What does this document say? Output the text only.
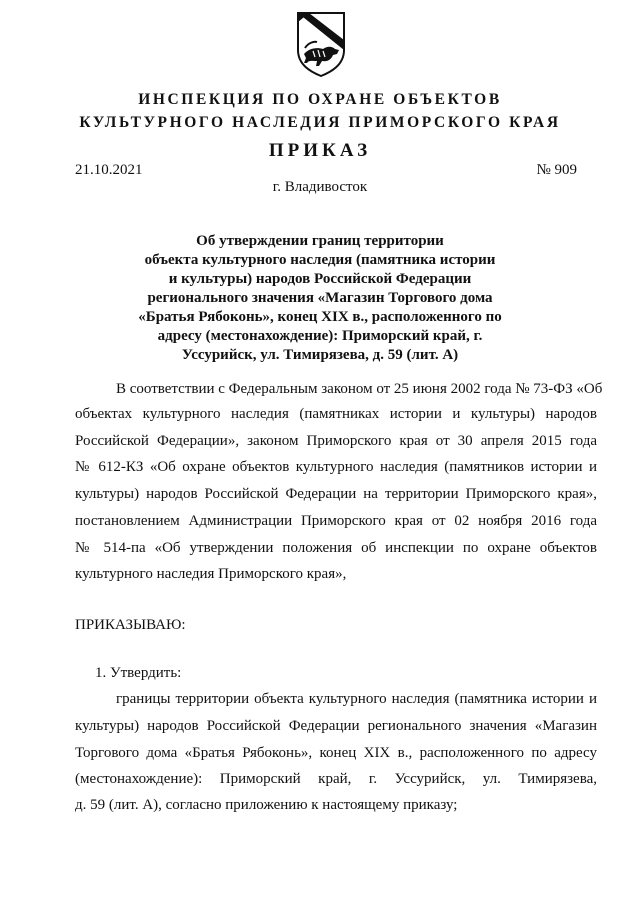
ИНСПЕКЦИЯ ПО ОХРАНЕ ОБЪЕКТОВ
КУЛЬТУРНОГО НАСЛЕДИЯ ПРИМОРСКОГО КРАЯ
ПРИКАЗ
21.10.2021	№ 909
г. Владивосток
Об утверждении границ территории
объекта культурного наследия (памятника истории
и культуры) народов Российской Федерации
регионального значения «Магазин Торгового дома
«Братья Рябоконь», конец XIX в., расположенного по
адресу (местонахождение): Приморский край, г.
Уссурийск, ул. Тимирязева, д. 59 (лит. А)
В соответствии с Федеральным законом от 25 июня 2002 года № 73-ФЗ «Об
объектах культурного наследия (памятниках истории и культуры) народов
Российской Федерации», законом Приморского края от 30 апреля 2015 года
№ 612-КЗ «Об охране объектов культурного наследия (памятников истории и
культуры) народов Российской Федерации на территории Приморского края»,
постановлением Администрации Приморского края от 02 ноября 2016 года
№ 514-па «Об утверждении положения об инспекции по охране объектов
культурного наследия Приморского края»,
ПРИКАЗЫВАЮ:
1. Утвердить:
границы территории объекта культурного наследия (памятника истории и
культуры) народов Российской Федерации регионального значения «Магазин
Торгового дома «Братья Рябоконь», конец XIX в., расположенного по адресу
(местонахождение): Приморский край, г. Уссурийск, ул. Тимирязева,
д. 59 (лит. А), согласно приложению к настоящему приказу;
